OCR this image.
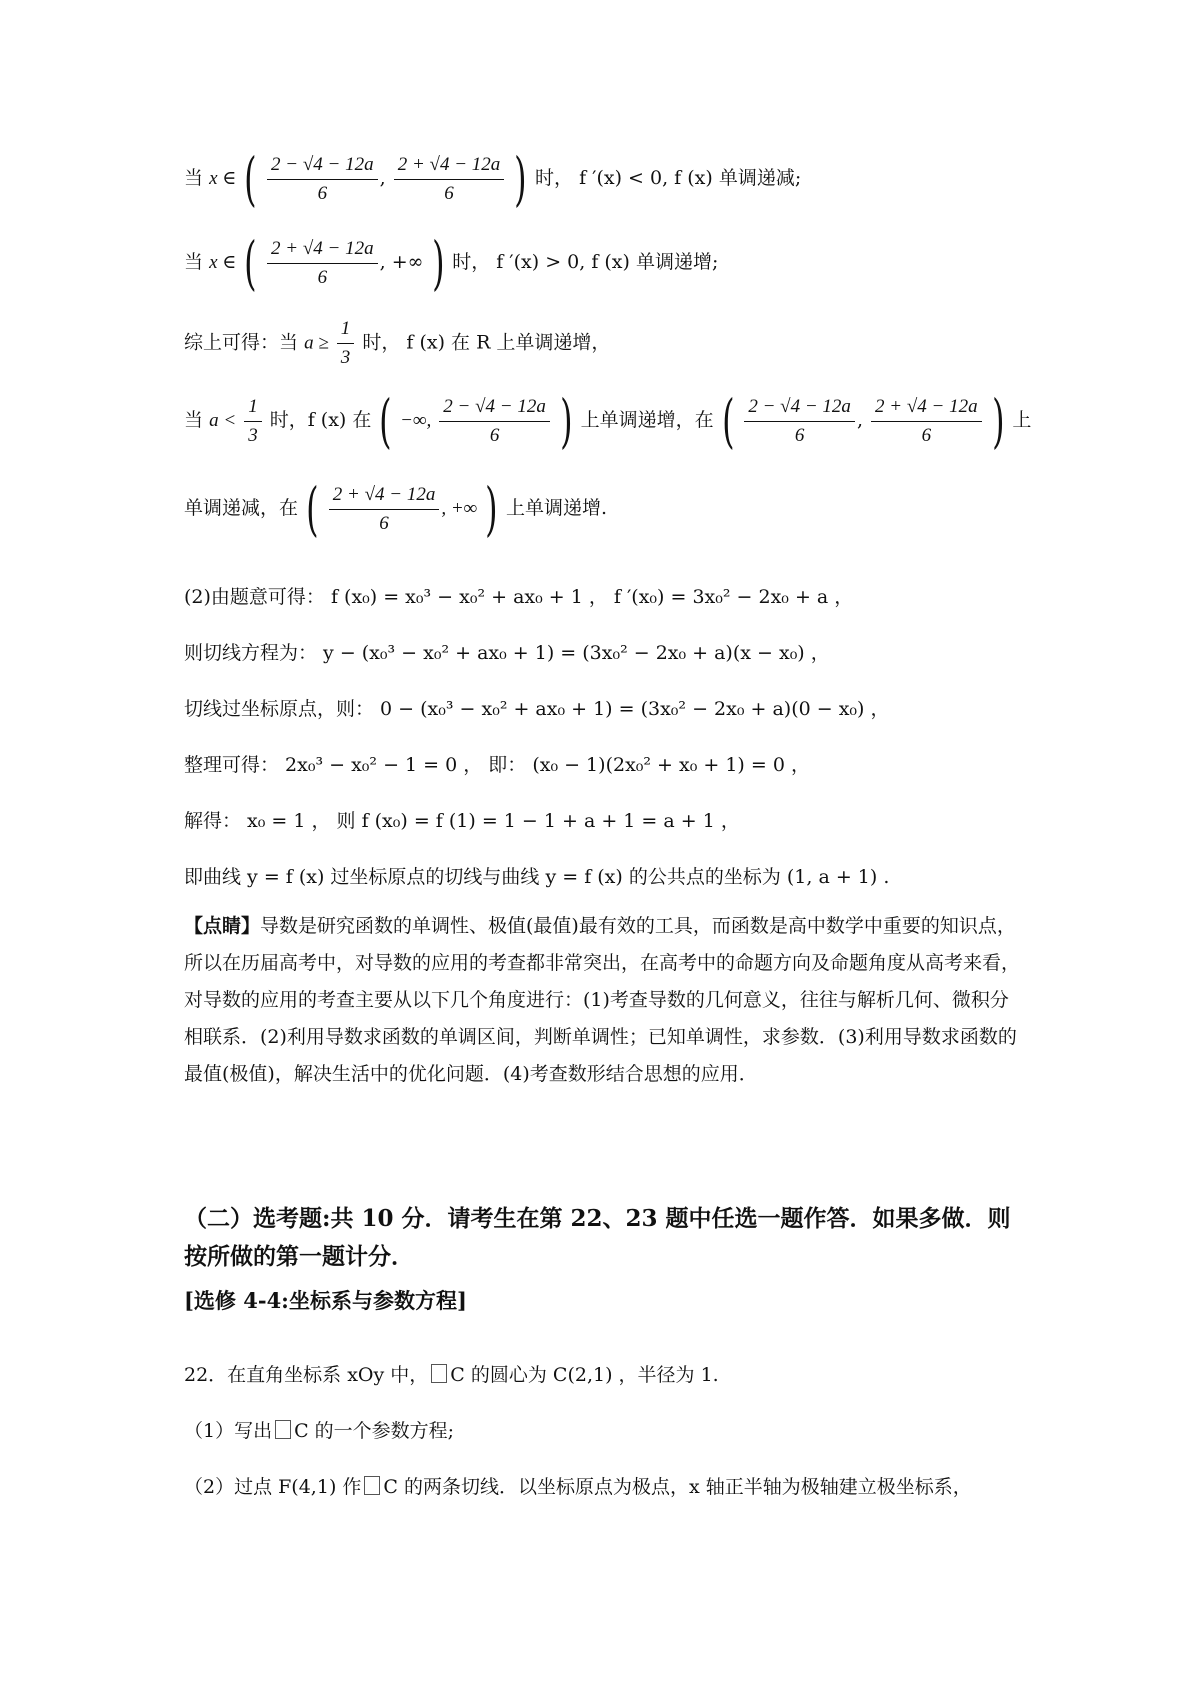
当 x ∈ ( $\frac{2 - √4 - 12a}{6}$ , $\frac{2 + √4 - 12a}{6}$ ) 时， f ′(x) < 0, f (x) 单调递减;
当 x ∈ ( $\frac{2 + √4 - 12a}{6}$ , +∞ ) 时， f ′(x) > 0, f (x) 单调递增;
综上可得：当 $a \ge \frac{1}{3}$ 时， f (x) 在 R 上单调递增，
当 $a < \frac{1}{3}$ 时，f (x) 在 ( −∞, $\frac{2 - √4 - 12a}{6}$ ) 上单调递增，在 ( $\frac{2 - √4 - 12a}{6}$ , $\frac{2 + √4 - 12a}{6}$ ) 上
单调递减，在 ( $\frac{2 + √4 - 12a}{6}$ , +∞ ) 上单调递增.
(2)由题意可得： f (x₀) = x₀³ − x₀² + ax₀ + 1 ， f ′(x₀) = 3x₀² − 2x₀ + a ，
则切线方程为： y − (x₀³ − x₀² + ax₀ + 1) = (3x₀² − 2x₀ + a)(x − x₀) ，
切线过坐标原点，则： 0 − (x₀³ − x₀² + ax₀ + 1) = (3x₀² − 2x₀ + a)(0 − x₀) ，
整理可得： 2x₀³ − x₀² − 1 = 0 ， 即： (x₀ − 1)(2x₀² + x₀ + 1) = 0 ，
解得： x₀ = 1 ， 则 f (x₀) = f (1) = 1 − 1 + a + 1 = a + 1 ，
即曲线 y = f (x) 过坐标原点的切线与曲线 y = f (x) 的公共点的坐标为 (1, a + 1) .
【点睛】导数是研究函数的单调性、极值(最值)最有效的工具，而函数是高中数学中重要的知识点，所以在历届高考中，对导数的应用的考查都非常突出，在高考中的命题方向及命题角度从高考来看，对导数的应用的考查主要从以下几个角度进行：(1)考查导数的几何意义，往往与解析几何、微积分相联系．(2)利用导数求函数的单调区间，判断单调性；已知单调性，求参数．(3)利用导数求函数的最值(极值)，解决生活中的优化问题．(4)考查数形结合思想的应用．
（二）选考题:共 10 分．请考生在第 22、23 题中任选一题作答．如果多做．则按所做的第一题计分．
[选修 4-4:坐标系与参数方程]
22．在直角坐标系 xOy 中， C 的圆心为 C(2,1) ，半径为 1.
（1）写出 C 的一个参数方程;
（2）过点 F(4,1) 作 C 的两条切线．以坐标原点为极点，x 轴正半轴为极轴建立极坐标系，
